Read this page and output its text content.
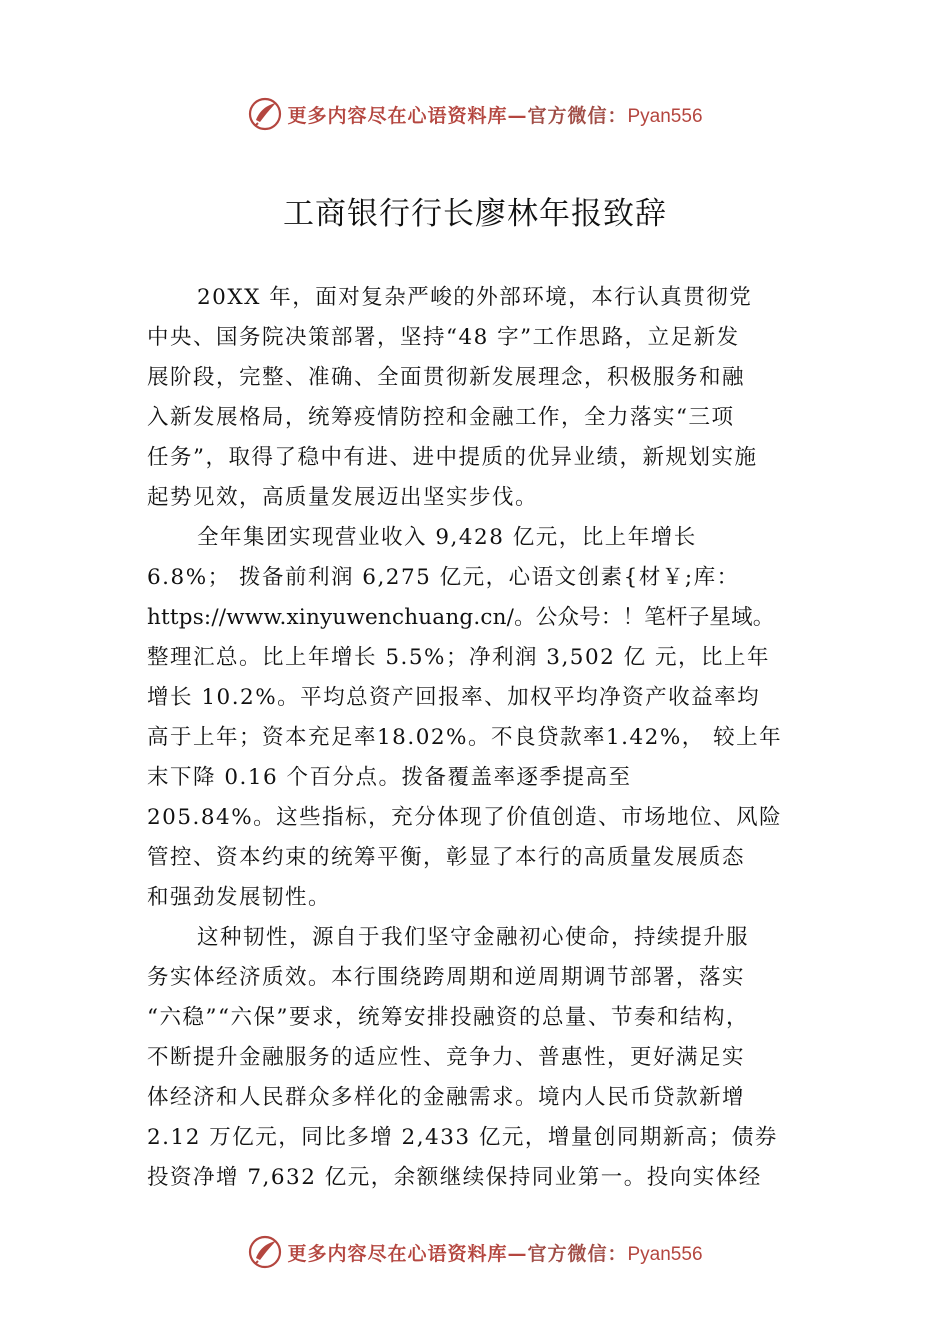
更多内容尽在心语资料库—官方微信：Pyan556
工商银行行长廖林年报致辞
20XX 年，面对复杂严峻的外部环境，本行认真贯彻党
中央、国务院决策部署，坚持“48 字”工作思路，立足新发
展阶段，完整、准确、全面贯彻新发展理念，积极服务和融
入新发展格局，统筹疫情防控和金融工作，全力落实“三项
任务”，取得了稳中有进、进中提质的优异业绩，新规划实施
起势见效，高质量发展迈出坚实步伐。
全年集团实现营业收入 9,428 亿元，比上年增长
6.8%； 拨备前利润 6,275 亿元，心语文创素{材￥;库：
https://www.xinyuwenchuang.cn/。公众号：！笔杆子星域。
整理汇总。比上年增长 5.5%；净利润 3,502 亿 元，比上年
增长 10.2%。平均总资产回报率、加权平均净资产收益率均
高于上年；资本充足率18.02%。不良贷款率1.42%， 较上年
末下降 0.16 个百分点。拨备覆盖率逐季提高至
205.84%。这些指标，充分体现了价值创造、市场地位、风险
管控、资本约束的统筹平衡，彰显了本行的高质量发展质态
和强劲发展韧性。
这种韧性，源自于我们坚守金融初心使命，持续提升服
务实体经济质效。本行围绕跨周期和逆周期调节部署，落实
“六稳”“六保”要求，统筹安排投融资的总量、节奏和结构，
不断提升金融服务的适应性、竞争力、普惠性，更好满足实
体经济和人民群众多样化的金融需求。境内人民币贷款新增
2.12 万亿元，同比多增 2,433 亿元，增量创同期新高；债券
投资净增 7,632 亿元，余额继续保持同业第一。投向实体经
更多内容尽在心语资料库—官方微信：Pyan556
